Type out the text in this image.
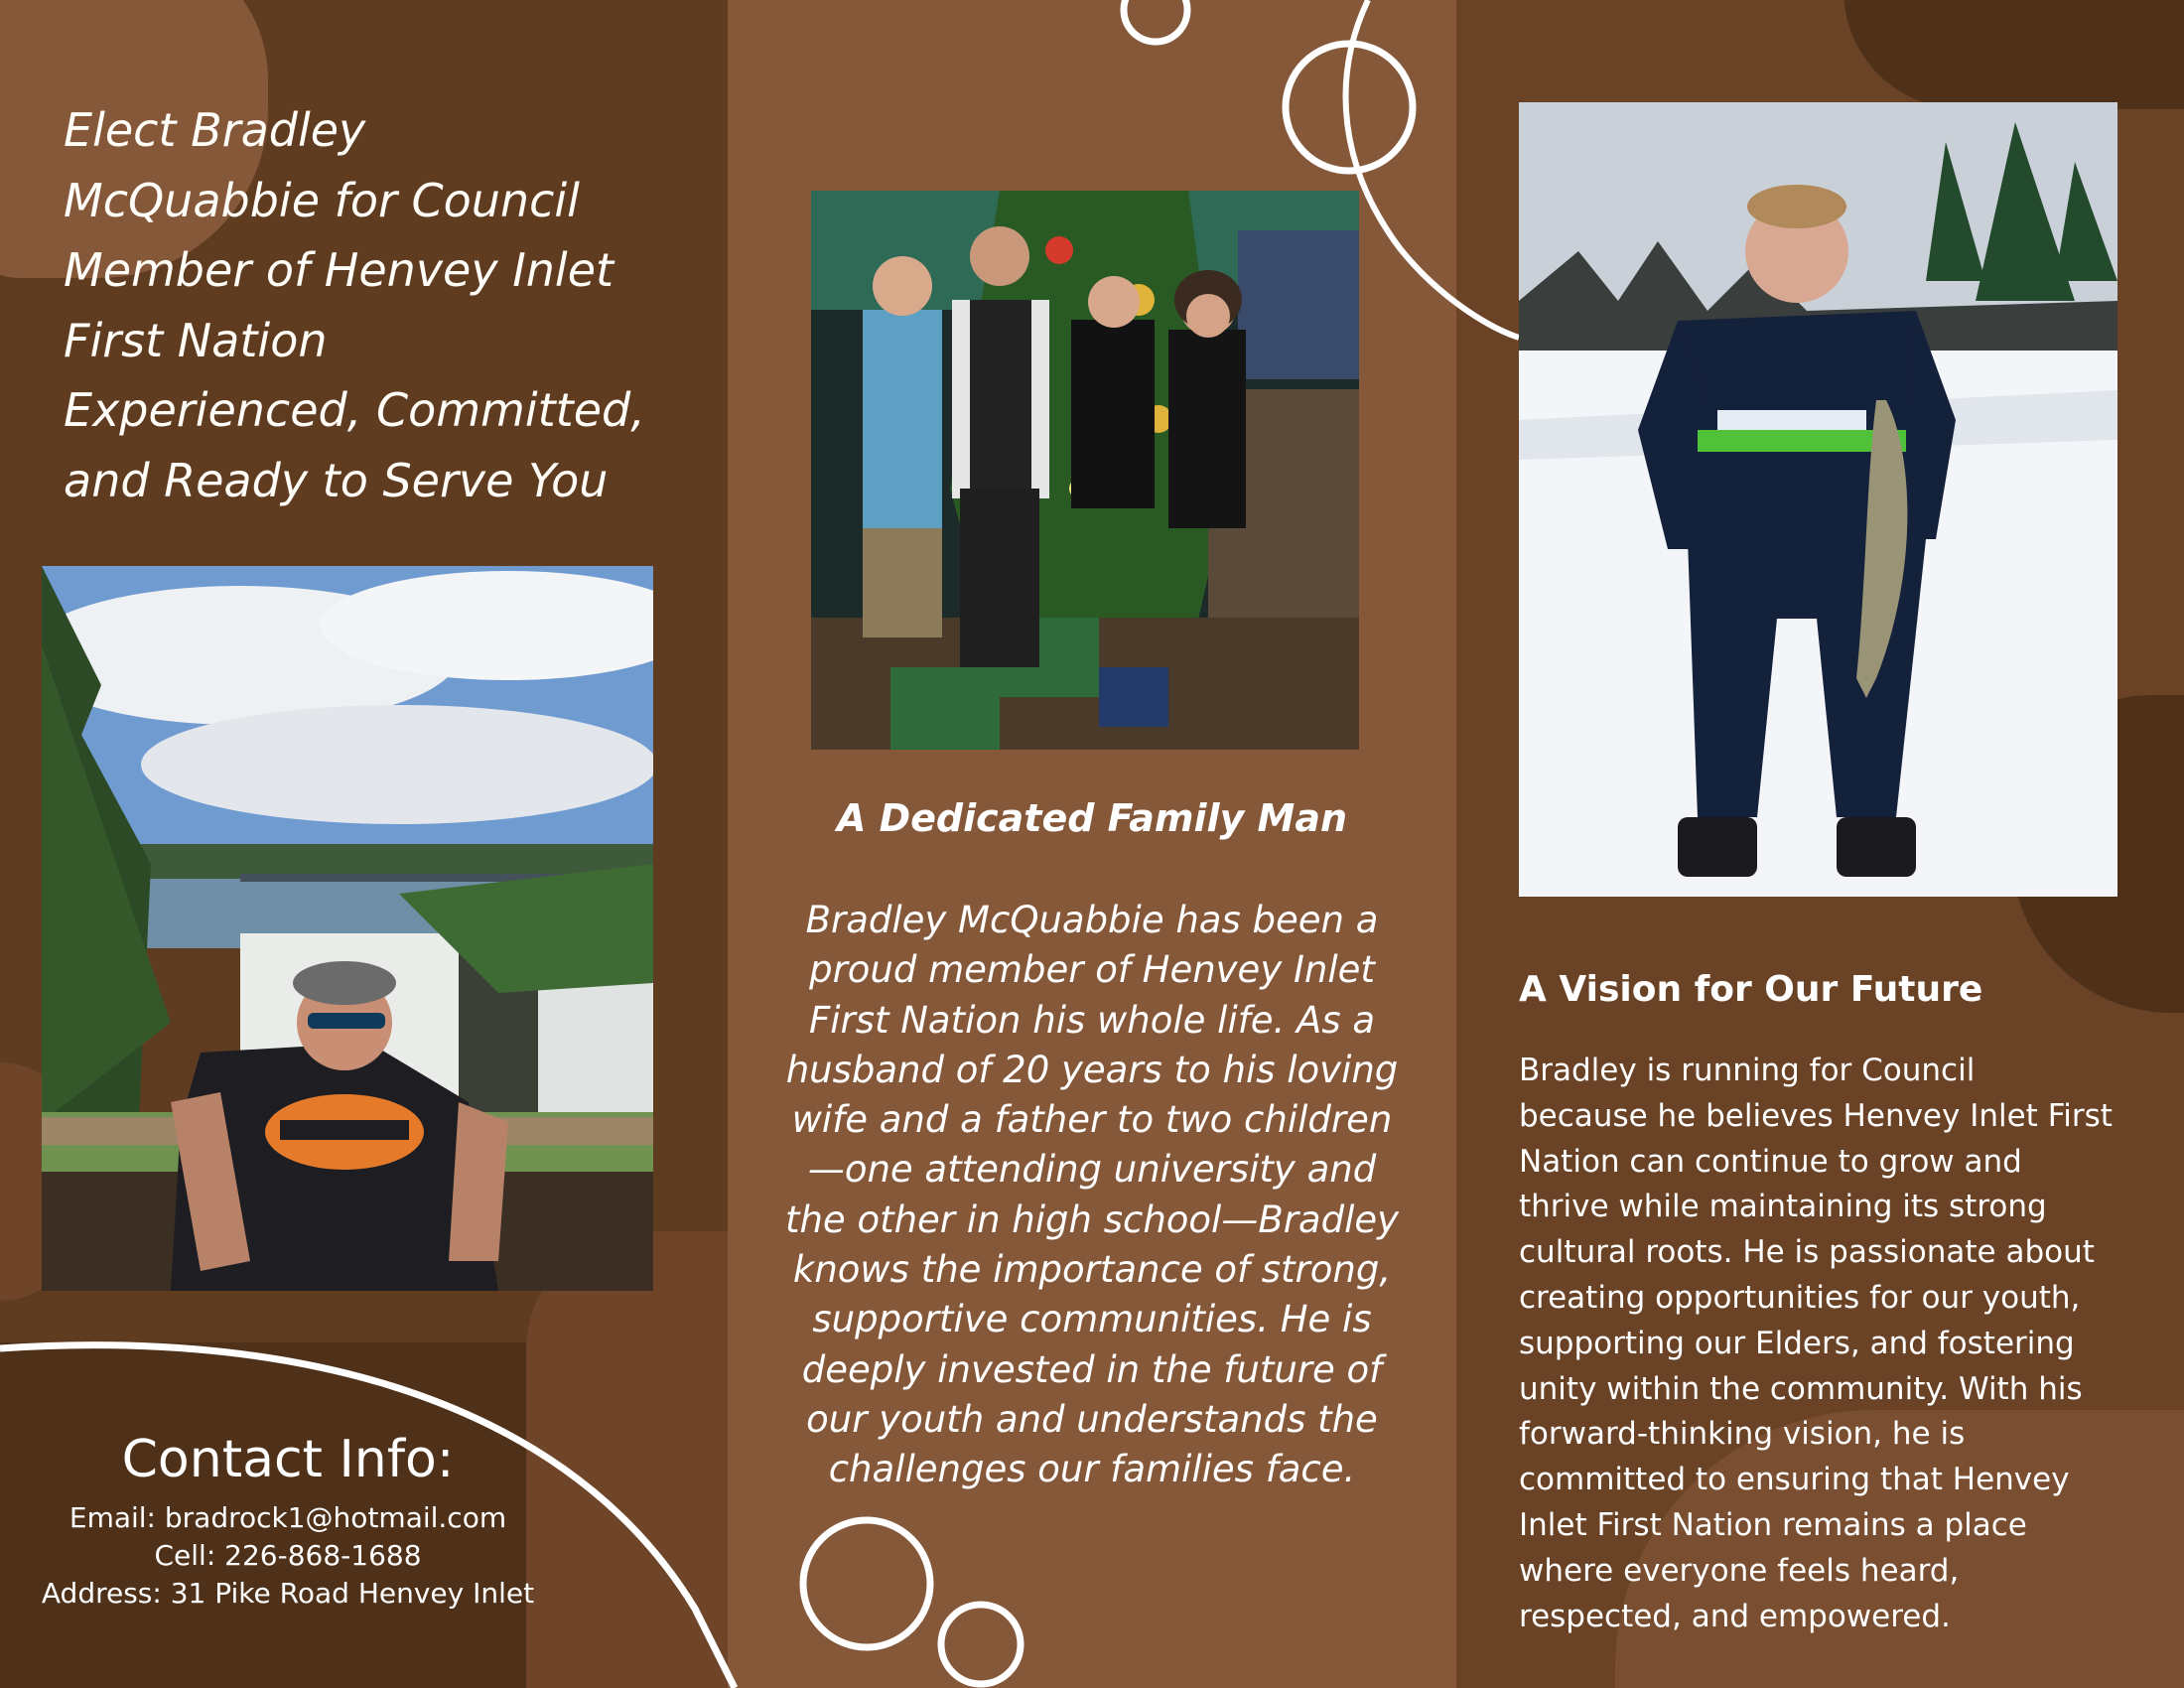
Elect Bradley
McQuabbie for Council
Member of Henvey Inlet
First Nation
Experienced, Committed,
and Ready to Serve You
Contact Info:
Email: bradrock1@hotmail.com
Cell: 226-868-1688
Address: 31 Pike Road Henvey Inlet
A Dedicated Family Man
Bradley McQuabbie has been a
proud member of Henvey Inlet
First Nation his whole life. As a
husband of 20 years to his loving
wife and a father to two children
—one attending university and
the other in high school—Bradley
knows the importance of strong,
supportive communities. He is
deeply invested in the future of
our youth and understands the
challenges our families face.
A Vision for Our Future
Bradley is running for Council
because he believes Henvey Inlet First
Nation can continue to grow and
thrive while maintaining its strong
cultural roots. He is passionate about
creating opportunities for our youth,
supporting our Elders, and fostering
unity within the community. With his
forward-thinking vision, he is
committed to ensuring that Henvey
Inlet First Nation remains a place
where everyone feels heard,
respected, and empowered.
